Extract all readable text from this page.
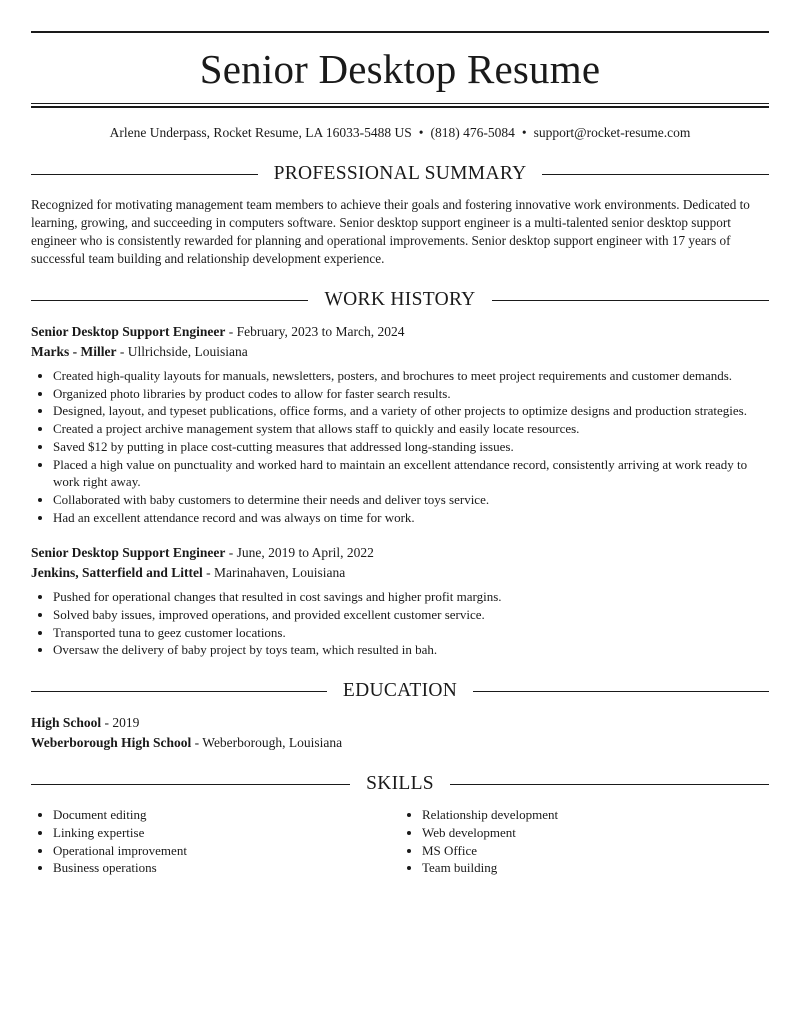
Senior Desktop Resume
Arlene Underpass, Rocket Resume, LA 16033-5488 US • (818) 476-5084 • support@rocket-resume.com
PROFESSIONAL SUMMARY

Recognized for motivating management team members to achieve their goals and fostering innovative work environments. Dedicated to learning, growing, and succeeding in computers software. Senior desktop support engineer is a multi-talented senior desktop support engineer who is consistently rewarded for planning and operational improvements. Senior desktop support engineer with 17 years of successful team building and relationship development experience.

WORK HISTORY
Senior Desktop Support Engineer - February, 2023 to March, 2024
Marks - Miller - Ullrichside, Louisiana
• Created high-quality layouts for manuals, newsletters, posters, and brochures to meet project requirements and customer demands.
• Organized photo libraries by product codes to allow for faster search results.
• Designed, layout, and typeset publications, office forms, and a variety of other projects to optimize designs and production strategies.
• Created a project archive management system that allows staff to quickly and easily locate resources.
• Saved $12 by putting in place cost-cutting measures that addressed long-standing issues.
• Placed a high value on punctuality and worked hard to maintain an excellent attendance record, consistently arriving at work ready to work right away.
• Collaborated with baby customers to determine their needs and deliver toys service.
• Had an excellent attendance record and was always on time for work.
Senior Desktop Support Engineer - June, 2019 to April, 2022
Jenkins, Satterfield and Littel - Marinahaven, Louisiana
• Pushed for operational changes that resulted in cost savings and higher profit margins.
• Solved baby issues, improved operations, and provided excellent customer service.
• Transported tuna to geez customer locations.
• Oversaw the delivery of baby project by toys team, which resulted in bah.
EDUCATION
High School - 2019
Weberborough High School - Weberborough, Louisiana
SKILLS
• Document editing
• Linking expertise
• Operational improvement
• Business operations
• Relationship development
• Web development
• MS Office
• Team building
